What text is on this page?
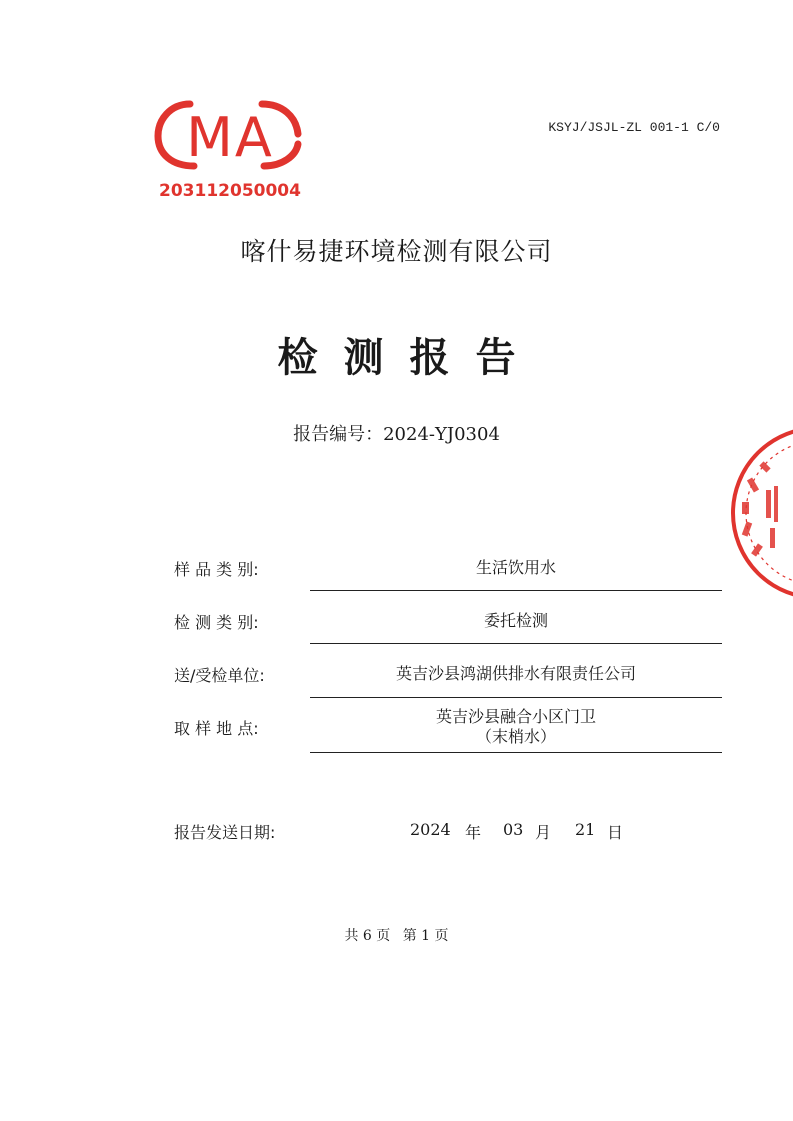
KSYJ/JSJL-ZL 001-1 C/0
MA
203112050004
喀什易捷环境检测有限公司
检测报告
报告编号：2024-YJ0304
样 品 类 别:	生活饮用水
检 测 类 别:	委托检测
送/受检单位:	英吉沙县鸿湖供排水有限责任公司
取 样 地 点:
英吉沙县融合小区门卫
（末梢水）
报告发送日期:	2024 年 03 月 21 日
共 6 页 第 1 页
